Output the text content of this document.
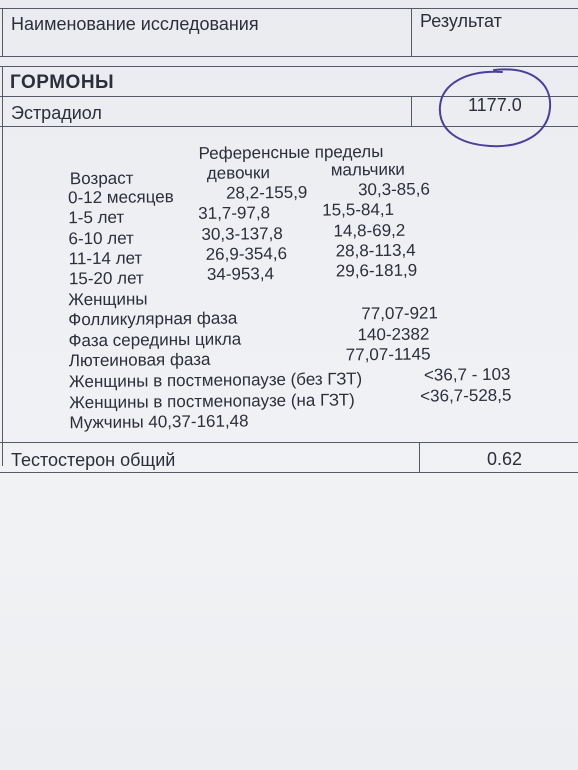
Наименование исследования	Результат
ГОРМОНЫ
Эстрадиол	1177.0
Референсные пределы
Возраст	девочки	мальчики
0-12 месяцев	28,2-155,9	30,3-85,6
1-5 лет	31,7-97,8	15,5-84,1
6-10 лет	30,3-137,8	14,8-69,2
11-14 лет	26,9-354,6	28,8-113,4
15-20 лет	34-953,4	29,6-181,9
Женщины
Фолликулярная фаза	77,07-921
Фаза середины цикла	140-2382
Лютеиновая фаза	77,07-1145
Женщины в постменопаузе (без ГЗТ)	<36,7 - 103
Женщины в постменопаузе (на ГЗТ)	<36,7-528,5
Мужчины 40,37-161,48
Тестостерон общий	0.62
